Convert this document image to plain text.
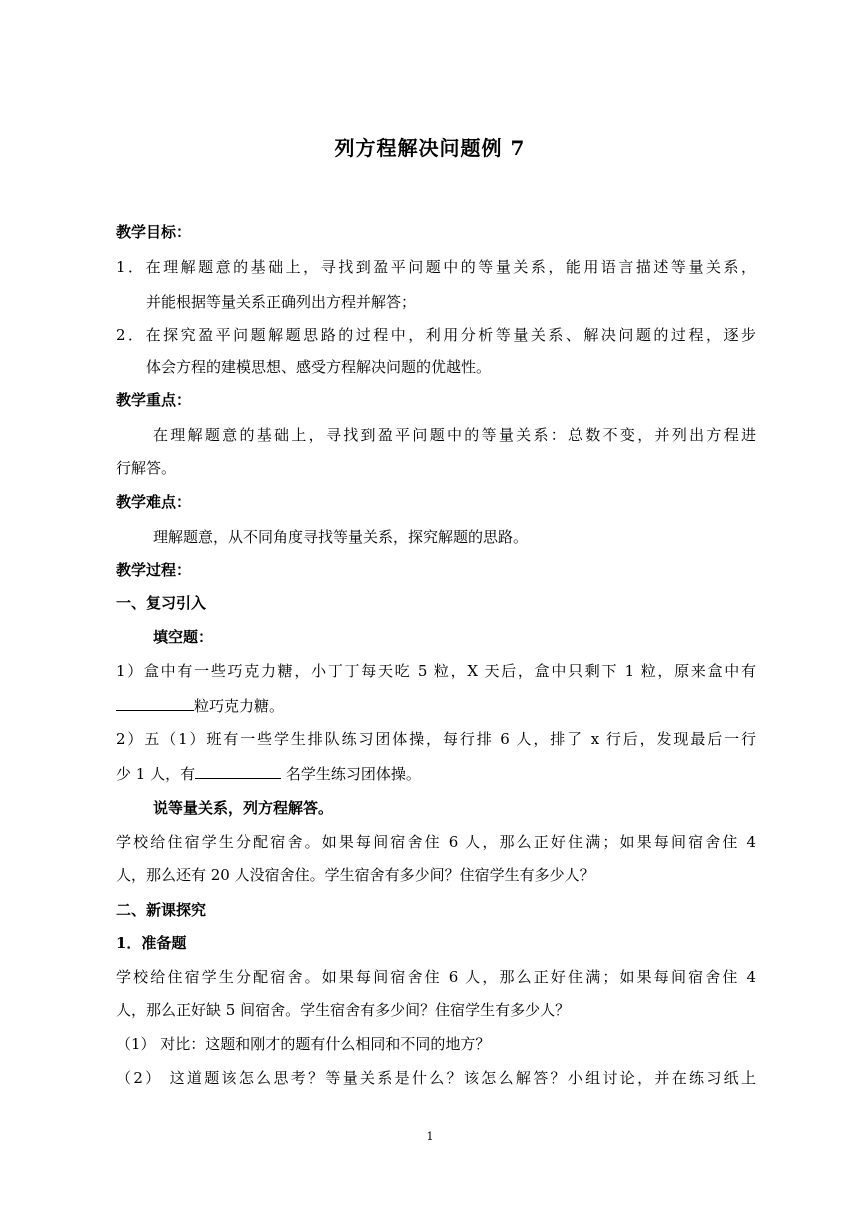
列方程解决问题例 7
教学目标：
1．在理解题意的基础上，寻找到盈平问题中的等量关系，能用语言描述等量关系，
并能根据等量关系正确列出方程并解答；
2．在探究盈平问题解题思路的过程中，利用分析等量关系、解决问题的过程，逐步
体会方程的建模思想、感受方程解决问题的优越性。
教学重点：
在理解题意的基础上，寻找到盈平问题中的等量关系：总数不变，并列出方程进
行解答。
教学难点：
理解题意，从不同角度寻找等量关系，探究解题的思路。
教学过程：
一、复习引入
填空题：
1）盒中有一些巧克力糖，小丁丁每天吃 5 粒，X 天后，盒中只剩下 1 粒，原来盒中有
粒巧克力糖。
2）五（1）班有一些学生排队练习团体操，每行排 6 人，排了 x 行后，发现最后一行
少 1 人，有	名学生练习团体操。
说等量关系，列方程解答。
学校给住宿学生分配宿舍。如果每间宿舍住 6 人，那么正好住满；如果每间宿舍住 4
人，那么还有 20 人没宿舍住。学生宿舍有多少间？住宿学生有多少人？
二、新课探究
1．准备题
学校给住宿学生分配宿舍。如果每间宿舍住 6 人，那么正好住满；如果每间宿舍住 4
人，那么正好缺 5 间宿舍。学生宿舍有多少间？住宿学生有多少人？
（1） 对比：这题和刚才的题有什么相同和不同的地方？
（2） 这道题该怎么思考？等量关系是什么？该怎么解答？小组讨论，并在练习纸上
1
